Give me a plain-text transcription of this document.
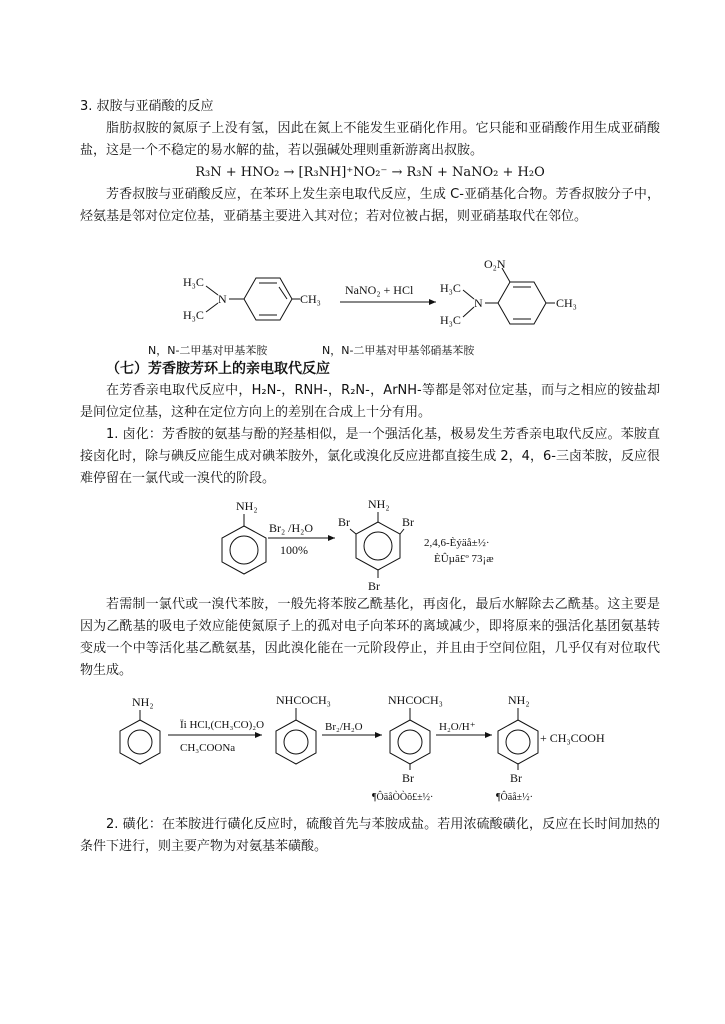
3. 叔胺与亚硝酸的反应

脂肪叔胺的氮原子上没有氢，因此在氮上不能发生亚硝化作用。它只能和亚硝酸作用生成亚硝酸盐，这是一个不稳定的易水解的盐，若以强碱处理则重新游离出叔胺。

R₃N + HNO₂ → [R₃NH]⁺NO₂⁻ → R₃N + NaNO₂ + H₂O

芳香叔胺与亚硝酸反应，在苯环上发生亲电取代反应，生成 C-亚硝基化合物。芳香叔胺分子中，烃氨基是邻对位定位基，亚硝基主要进入其对位；若对位被占据，则亚硝基取代在邻位。

H₃C
H₃C
N	CH₃
NaNO₂ + HCl
O₂N
H₃C
H₃C
N	CH₃
N，N-二甲基对甲基苯胺	N，N-二甲基对甲基邻硝基苯胺

（七）芳香胺芳环上的亲电取代反应

在芳香亲电取代反应中，H₂N-，RNH-，R₂N-，ArNH-等都是邻对位定基，而与之相应的铵盐却是间位定位基，这种在定位方向上的差别在合成上十分有用。

1. 卤化：芳香胺的氨基与酚的羟基相似，是一个强活化基，极易发生芳香亲电取代反应。苯胺直接卤化时，除与碘反应能生成对碘苯胺外，氯化或溴化反应进都直接生成 2，4，6-三卤苯胺，反应很难停留在一氯代或一溴代的阶段。

NH₂
Br₂ /H₂O
100%
NH₂
Br	Br
Br
2,4,6-Èýäå±½·
ÈÛµã£º 73¡æ

若需制一氯代或一溴代苯胺，一般先将苯胺乙酰基化，再卤化，最后水解除去乙酰基。这主要是因为乙酰基的吸电子效应能使氮原子上的孤对电子向苯环的离域减少，即将原来的强活化基团氨基转变成一个中等活化基乙酰氨基，因此溴化能在一元阶段停止，并且由于空间位阻，几乎仅有对位取代物生成。

NH₂
Ïi HCl,(CH₃CO)₂O
CH₃COONa
NHCOCH₃
Br₂/H₂O
NHCOCH₃
Br
H₂O/H⁺
NH₂
Br
+ CH₃COOH
¶ÔäåÒÒõ£±½·	¶Ôäå±½·

2. 磺化：在苯胺进行磺化反应时，硫酸首先与苯胺成盐。若用浓硫酸磺化，反应在长时间加热的条件下进行，则主要产物为对氨基苯磺酸。
